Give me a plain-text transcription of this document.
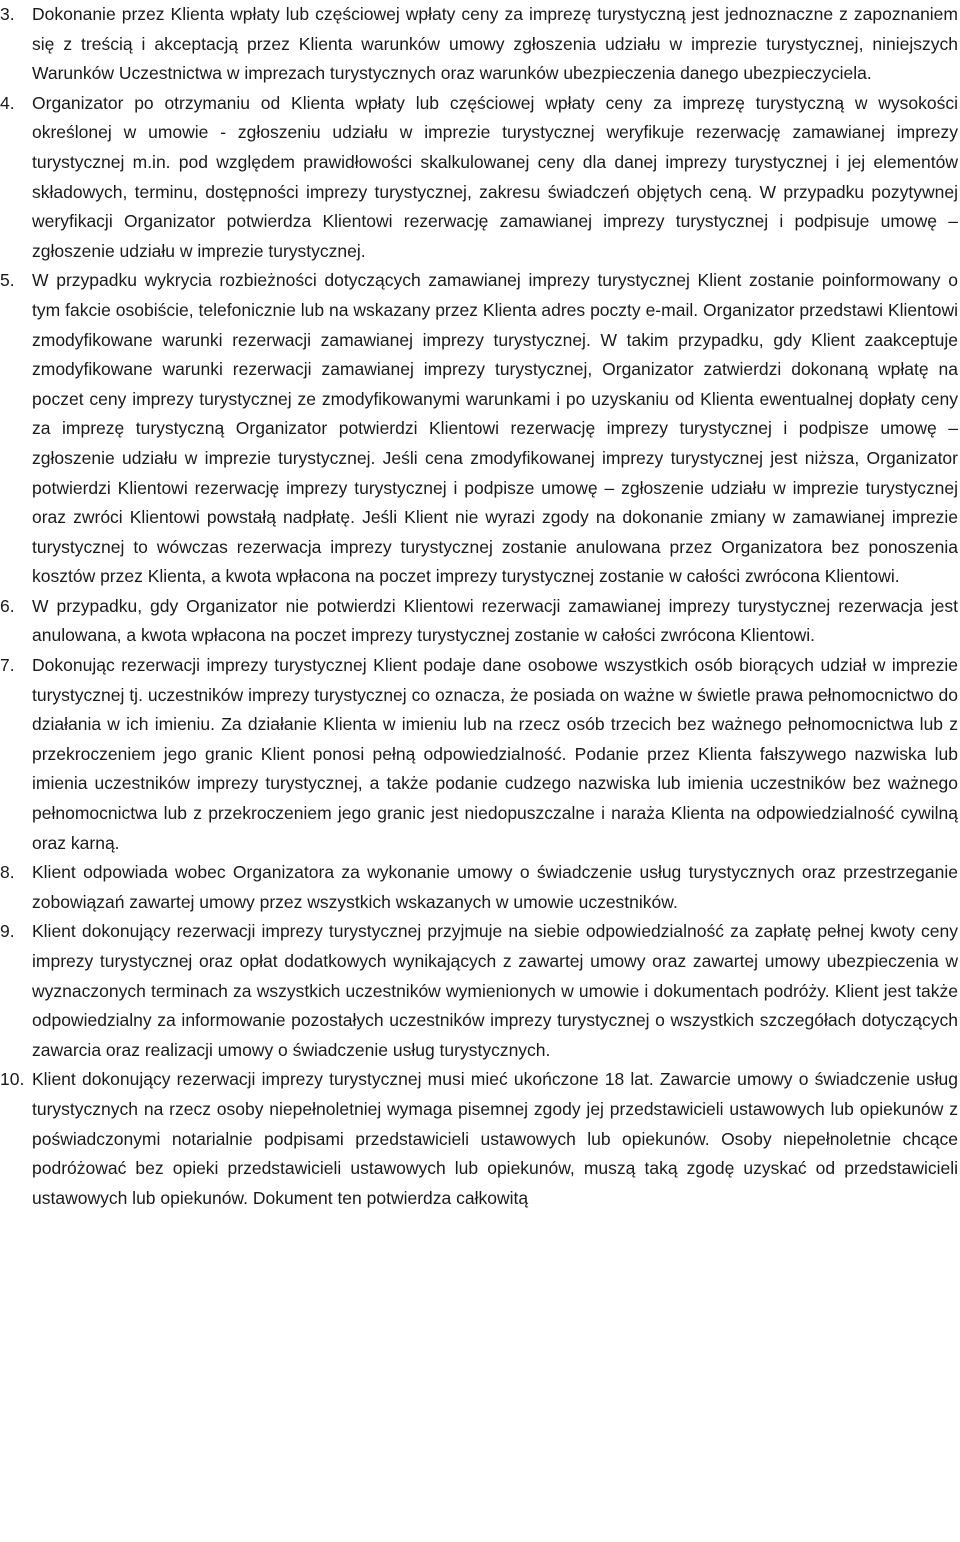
3. Dokonanie przez Klienta wpłaty lub częściowej wpłaty ceny za imprezę turystyczną jest jednoznaczne z zapoznaniem się z treścią i akceptacją przez Klienta warunków umowy zgłoszenia udziału w imprezie turystycznej, niniejszych Warunków Uczestnictwa w imprezach turystycznych oraz warunków ubezpieczenia danego ubezpieczyciela.
4. Organizator po otrzymaniu od Klienta wpłaty lub częściowej wpłaty ceny za imprezę turystyczną w wysokości określonej w umowie - zgłoszeniu udziału w imprezie turystycznej weryfikuje rezerwację zamawianej imprezy turystycznej m.in. pod względem prawidłowości skalkulowanej ceny dla danej imprezy turystycznej i jej elementów składowych, terminu, dostępności imprezy turystycznej, zakresu świadczeń objętych ceną. W przypadku pozytywnej weryfikacji Organizator potwierdza Klientowi rezerwację zamawianej imprezy turystycznej i podpisuje umowę – zgłoszenie udziału w imprezie turystycznej.
5. W przypadku wykrycia rozbieżności dotyczących zamawianej imprezy turystycznej Klient zostanie poinformowany o tym fakcie osobiście, telefonicznie lub na wskazany przez Klienta adres poczty e-mail. Organizator przedstawi Klientowi zmodyfikowane warunki rezerwacji zamawianej imprezy turystycznej. W takim przypadku, gdy Klient zaakceptuje zmodyfikowane warunki rezerwacji zamawianej imprezy turystycznej, Organizator zatwierdzi dokonaną wpłatę na poczet ceny imprezy turystycznej ze zmodyfikowanymi warunkami i po uzyskaniu od Klienta ewentualnej dopłaty ceny za imprezę turystyczną Organizator potwierdzi Klientowi rezerwację imprezy turystycznej i podpisze umowę – zgłoszenie udziału w imprezie turystycznej. Jeśli cena zmodyfikowanej imprezy turystycznej jest niższa, Organizator potwierdzi Klientowi rezerwację imprezy turystycznej i podpisze umowę – zgłoszenie udziału w imprezie turystycznej oraz zwróci Klientowi powstałą nadpłatę. Jeśli Klient nie wyrazi zgody na dokonanie zmiany w zamawianej imprezie turystycznej to wówczas rezerwacja imprezy turystycznej zostanie anulowana przez Organizatora bez ponoszenia kosztów przez Klienta, a kwota wpłacona na poczet imprezy turystycznej zostanie w całości zwrócona Klientowi.
6. W przypadku, gdy Organizator nie potwierdzi Klientowi rezerwacji zamawianej imprezy turystycznej rezerwacja jest anulowana, a kwota wpłacona na poczet imprezy turystycznej zostanie w całości zwrócona Klientowi.
7. Dokonując rezerwacji imprezy turystycznej Klient podaje dane osobowe wszystkich osób biorących udział w imprezie turystycznej tj. uczestników imprezy turystycznej co oznacza, że posiada on ważne w świetle prawa pełnomocnictwo do działania w ich imieniu. Za działanie Klienta w imieniu lub na rzecz osób trzecich bez ważnego pełnomocnictwa lub z przekroczeniem jego granic Klient ponosi pełną odpowiedzialność. Podanie przez Klienta fałszywego nazwiska lub imienia uczestników imprezy turystycznej, a także podanie cudzego nazwiska lub imienia uczestników bez ważnego pełnomocnictwa lub z przekroczeniem jego granic jest niedopuszczalne i naraża Klienta na odpowiedzialność cywilną oraz karną.
8. Klient odpowiada wobec Organizatora za wykonanie umowy o świadczenie usług turystycznych oraz przestrzeganie zobowiązań zawartej umowy przez wszystkich wskazanych w umowie uczestników.
9. Klient dokonujący rezerwacji imprezy turystycznej przyjmuje na siebie odpowiedzialność za zapłatę pełnej kwoty ceny imprezy turystycznej oraz opłat dodatkowych wynikających z zawartej umowy oraz zawartej umowy ubezpieczenia w wyznaczonych terminach za wszystkich uczestników wymienionych w umowie i dokumentach podróży. Klient jest także odpowiedzialny za informowanie pozostałych uczestników imprezy turystycznej o wszystkich szczegółach dotyczących zawarcia oraz realizacji umowy o świadczenie usług turystycznych.
10. Klient dokonujący rezerwacji imprezy turystycznej musi mieć ukończone 18 lat. Zawarcie umowy o świadczenie usług turystycznych na rzecz osoby niepełnoletniej wymaga pisemnej zgody jej przedstawicieli ustawowych lub opiekunów z poświadczonymi notarialnie podpisami przedstawicieli ustawowych lub opiekunów. Osoby niepełnoletnie chcące podróżować bez opieki przedstawicieli ustawowych lub opiekunów, muszą taką zgodę uzyskać od przedstawicieli ustawowych lub opiekunów. Dokument ten potwierdza całkowitą
